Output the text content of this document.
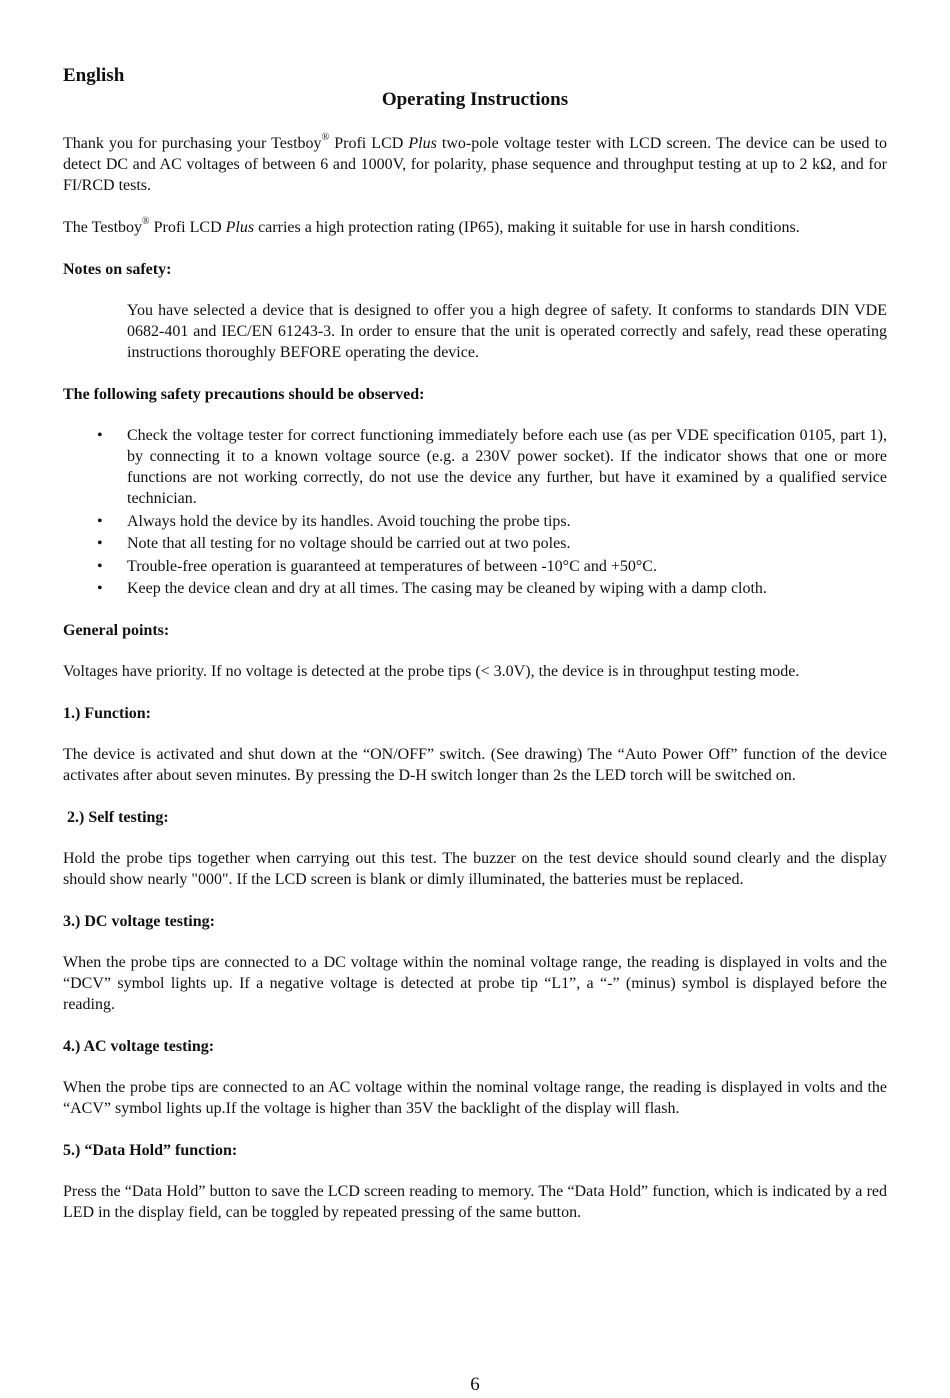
English

Operating Instructions

Thank you for purchasing your Testboy® Profi LCD Plus two-pole voltage tester with LCD screen. The device can be used to detect DC and AC voltages of between 6 and 1000V, for polarity, phase sequence and throughput testing at up to 2 kΩ, and for FI/RCD tests.

The Testboy® Profi LCD Plus carries a high protection rating (IP65), making it suitable for use in harsh conditions.

Notes on safety:

You have selected a device that is designed to offer you a high degree of safety. It conforms to standards DIN VDE 0682-401 and IEC/EN 61243-3. In order to ensure that the unit is operated correctly and safely, read these operating instructions thoroughly BEFORE operating the device.

The following safety precautions should be observed:
• Check the voltage tester for correct functioning immediately before each use (as per VDE specification 0105, part 1), by connecting it to a known voltage source (e.g. a 230V power socket). If the indicator shows that one or more functions are not working correctly, do not use the device any further, but have it examined by a qualified service technician.
• Always hold the device by its handles. Avoid touching the probe tips.
• Note that all testing for no voltage should be carried out at two poles.
• Trouble-free operation is guaranteed at temperatures of between -10°C and +50°C.
• Keep the device clean and dry at all times. The casing may be cleaned by wiping with a damp cloth.
General points:

Voltages have priority. If no voltage is detected at the probe tips (< 3.0V), the device is in throughput testing mode.

1.) Function:

The device is activated and shut down at the “ON/OFF” switch. (See drawing) The “Auto Power Off” function of the device activates after about seven minutes. By pressing the D-H switch longer than 2s the LED torch will be switched on.

2.) Self testing:

Hold the probe tips together when carrying out this test. The buzzer on the test device should sound clearly and the display should show nearly "000". If the LCD screen is blank or dimly illuminated, the batteries must be replaced.

3.) DC voltage testing:

When the probe tips are connected to a DC voltage within the nominal voltage range, the reading is displayed in volts and the “DCV” symbol lights up. If a negative voltage is detected at probe tip “L1”, a “-” (minus) symbol is displayed before the reading.

4.) AC voltage testing:

When the probe tips are connected to an AC voltage within the nominal voltage range, the reading is displayed in volts and the “ACV” symbol lights up.If the voltage is higher than 35V the backlight of the display will flash.

5.) “Data Hold” function:

Press the “Data Hold” button to save the LCD screen reading to memory. The “Data Hold” function, which is indicated by a red LED in the display field, can be toggled by repeated pressing of the same button.

6
